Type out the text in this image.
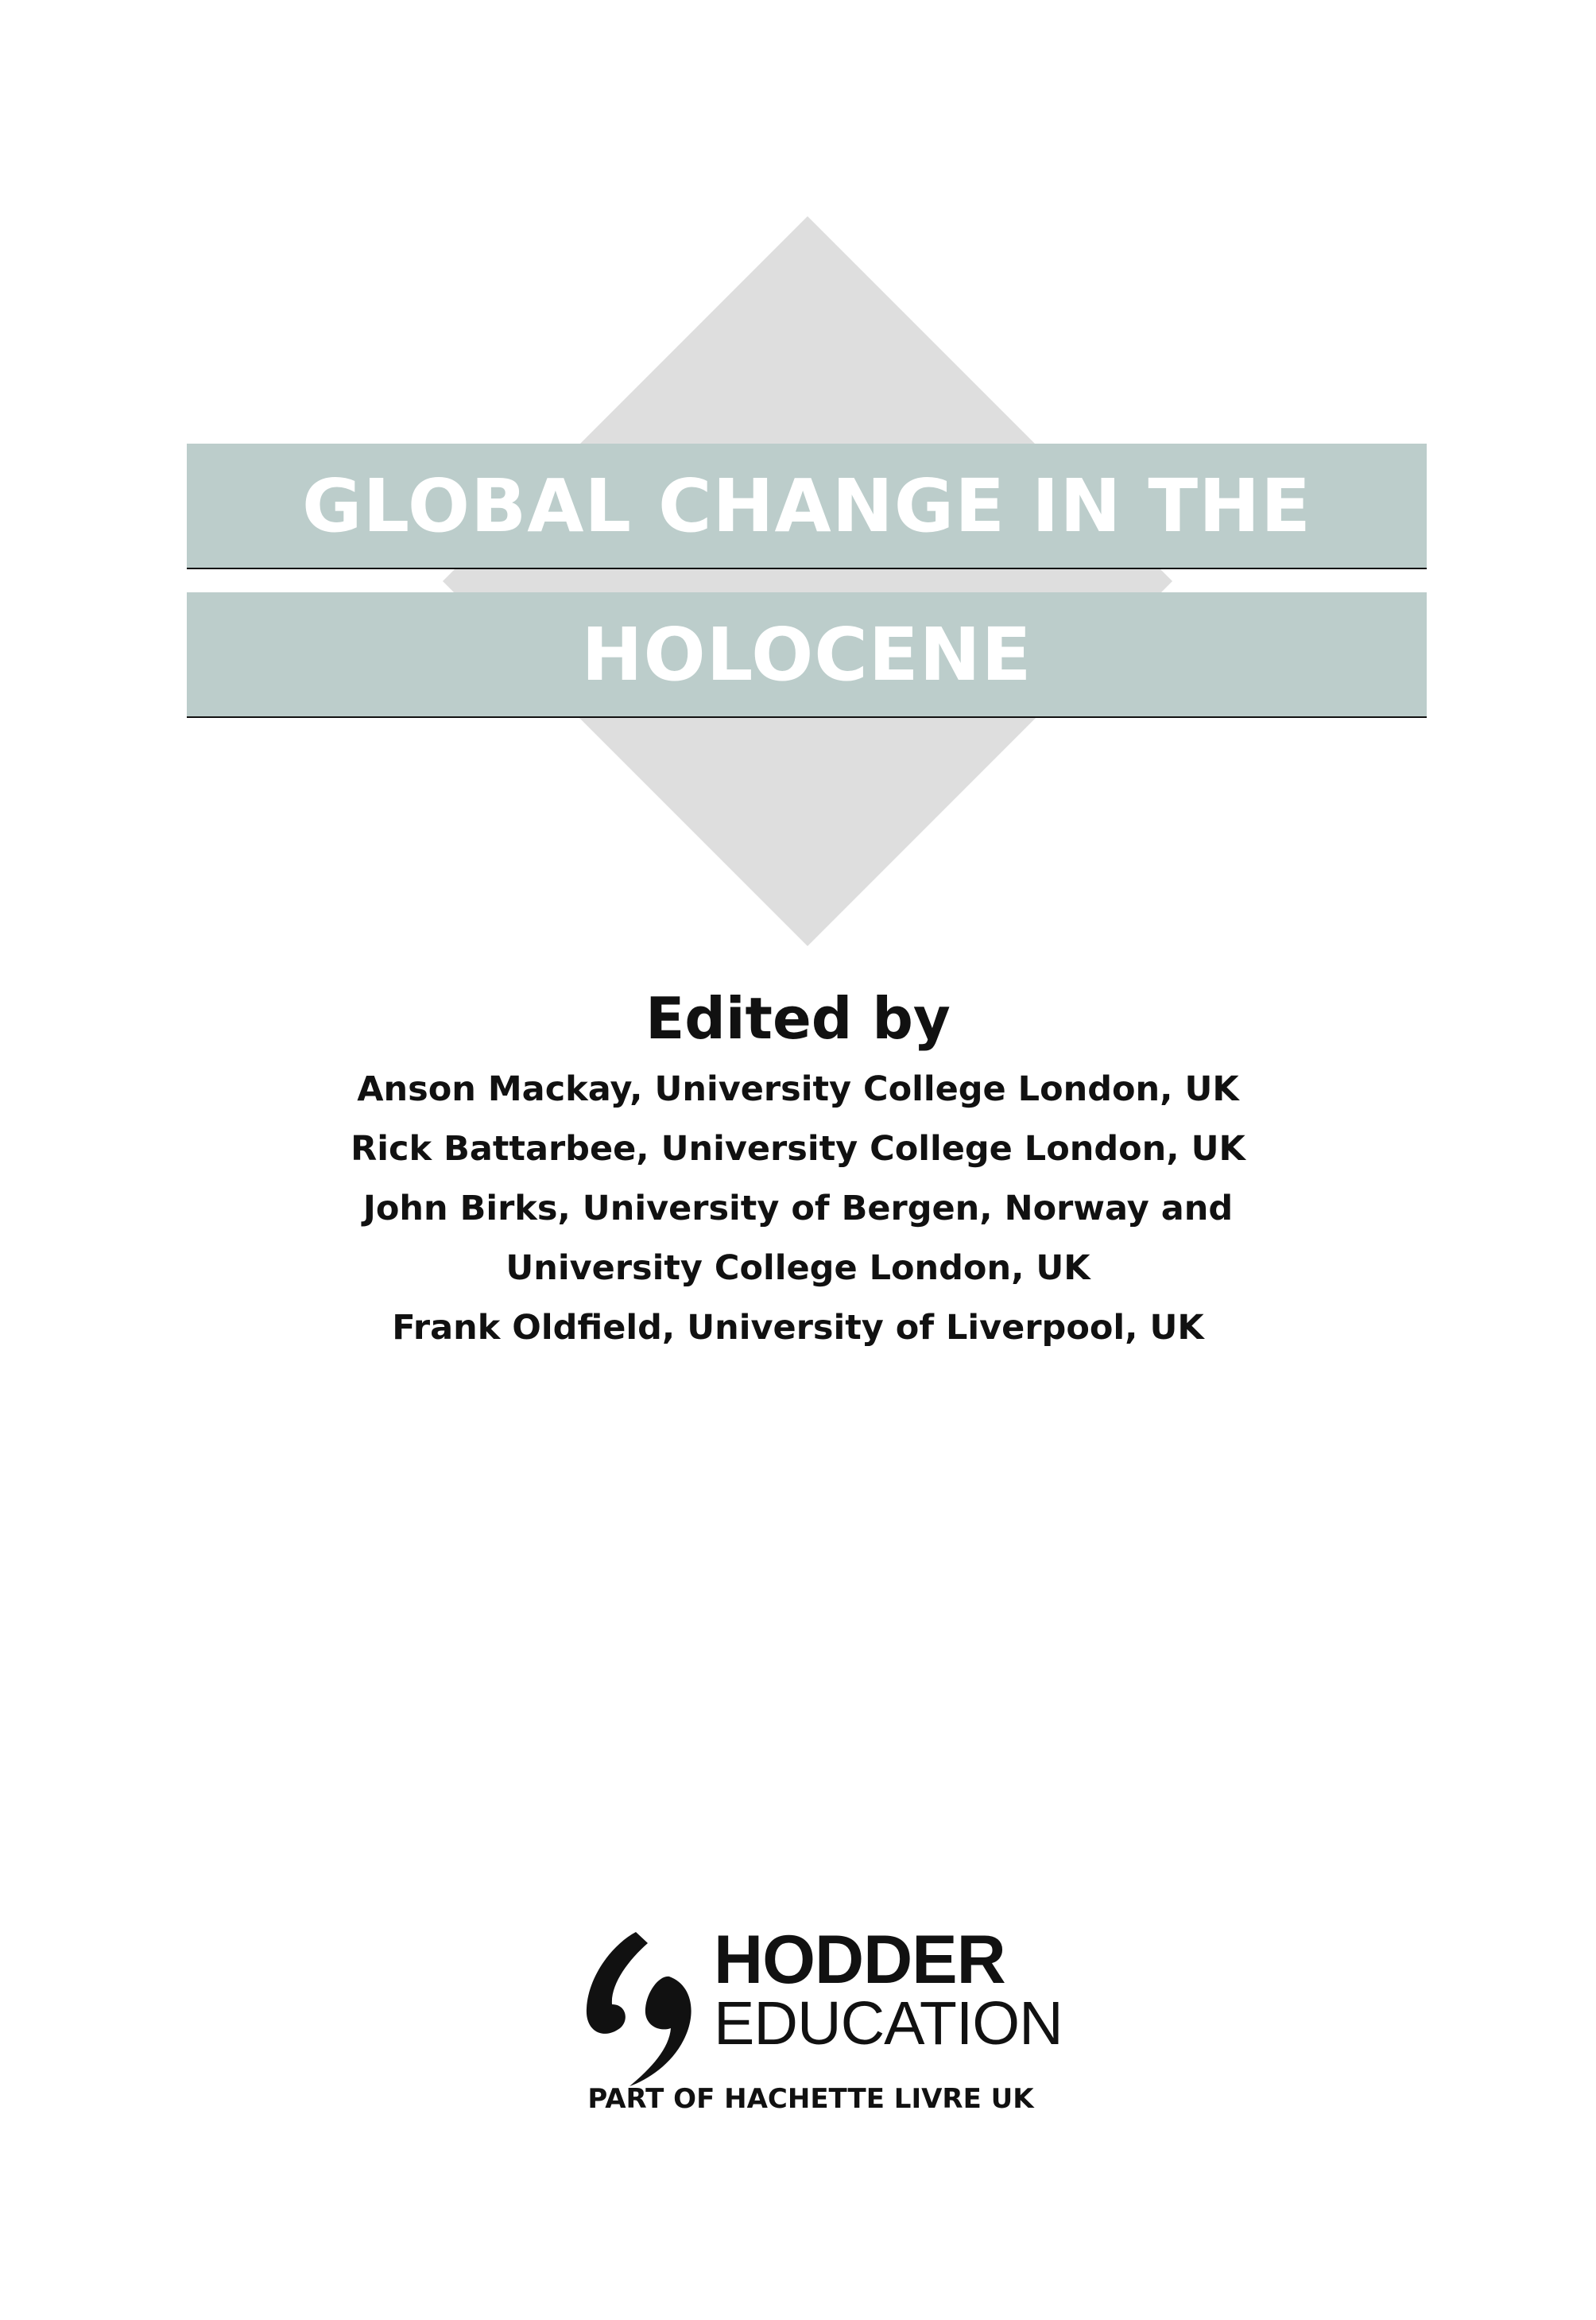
GLOBAL CHANGE IN THE
HOLOCENE
Edited by

Anson Mackay, University College London, UK

Rick Battarbee, University College London, UK

John Birks, University of Bergen, Norway and

University College London, UK

Frank Oldfield, University of Liverpool, UK

HODDER
EDUCATION
PART OF HACHETTE LIVRE UK
